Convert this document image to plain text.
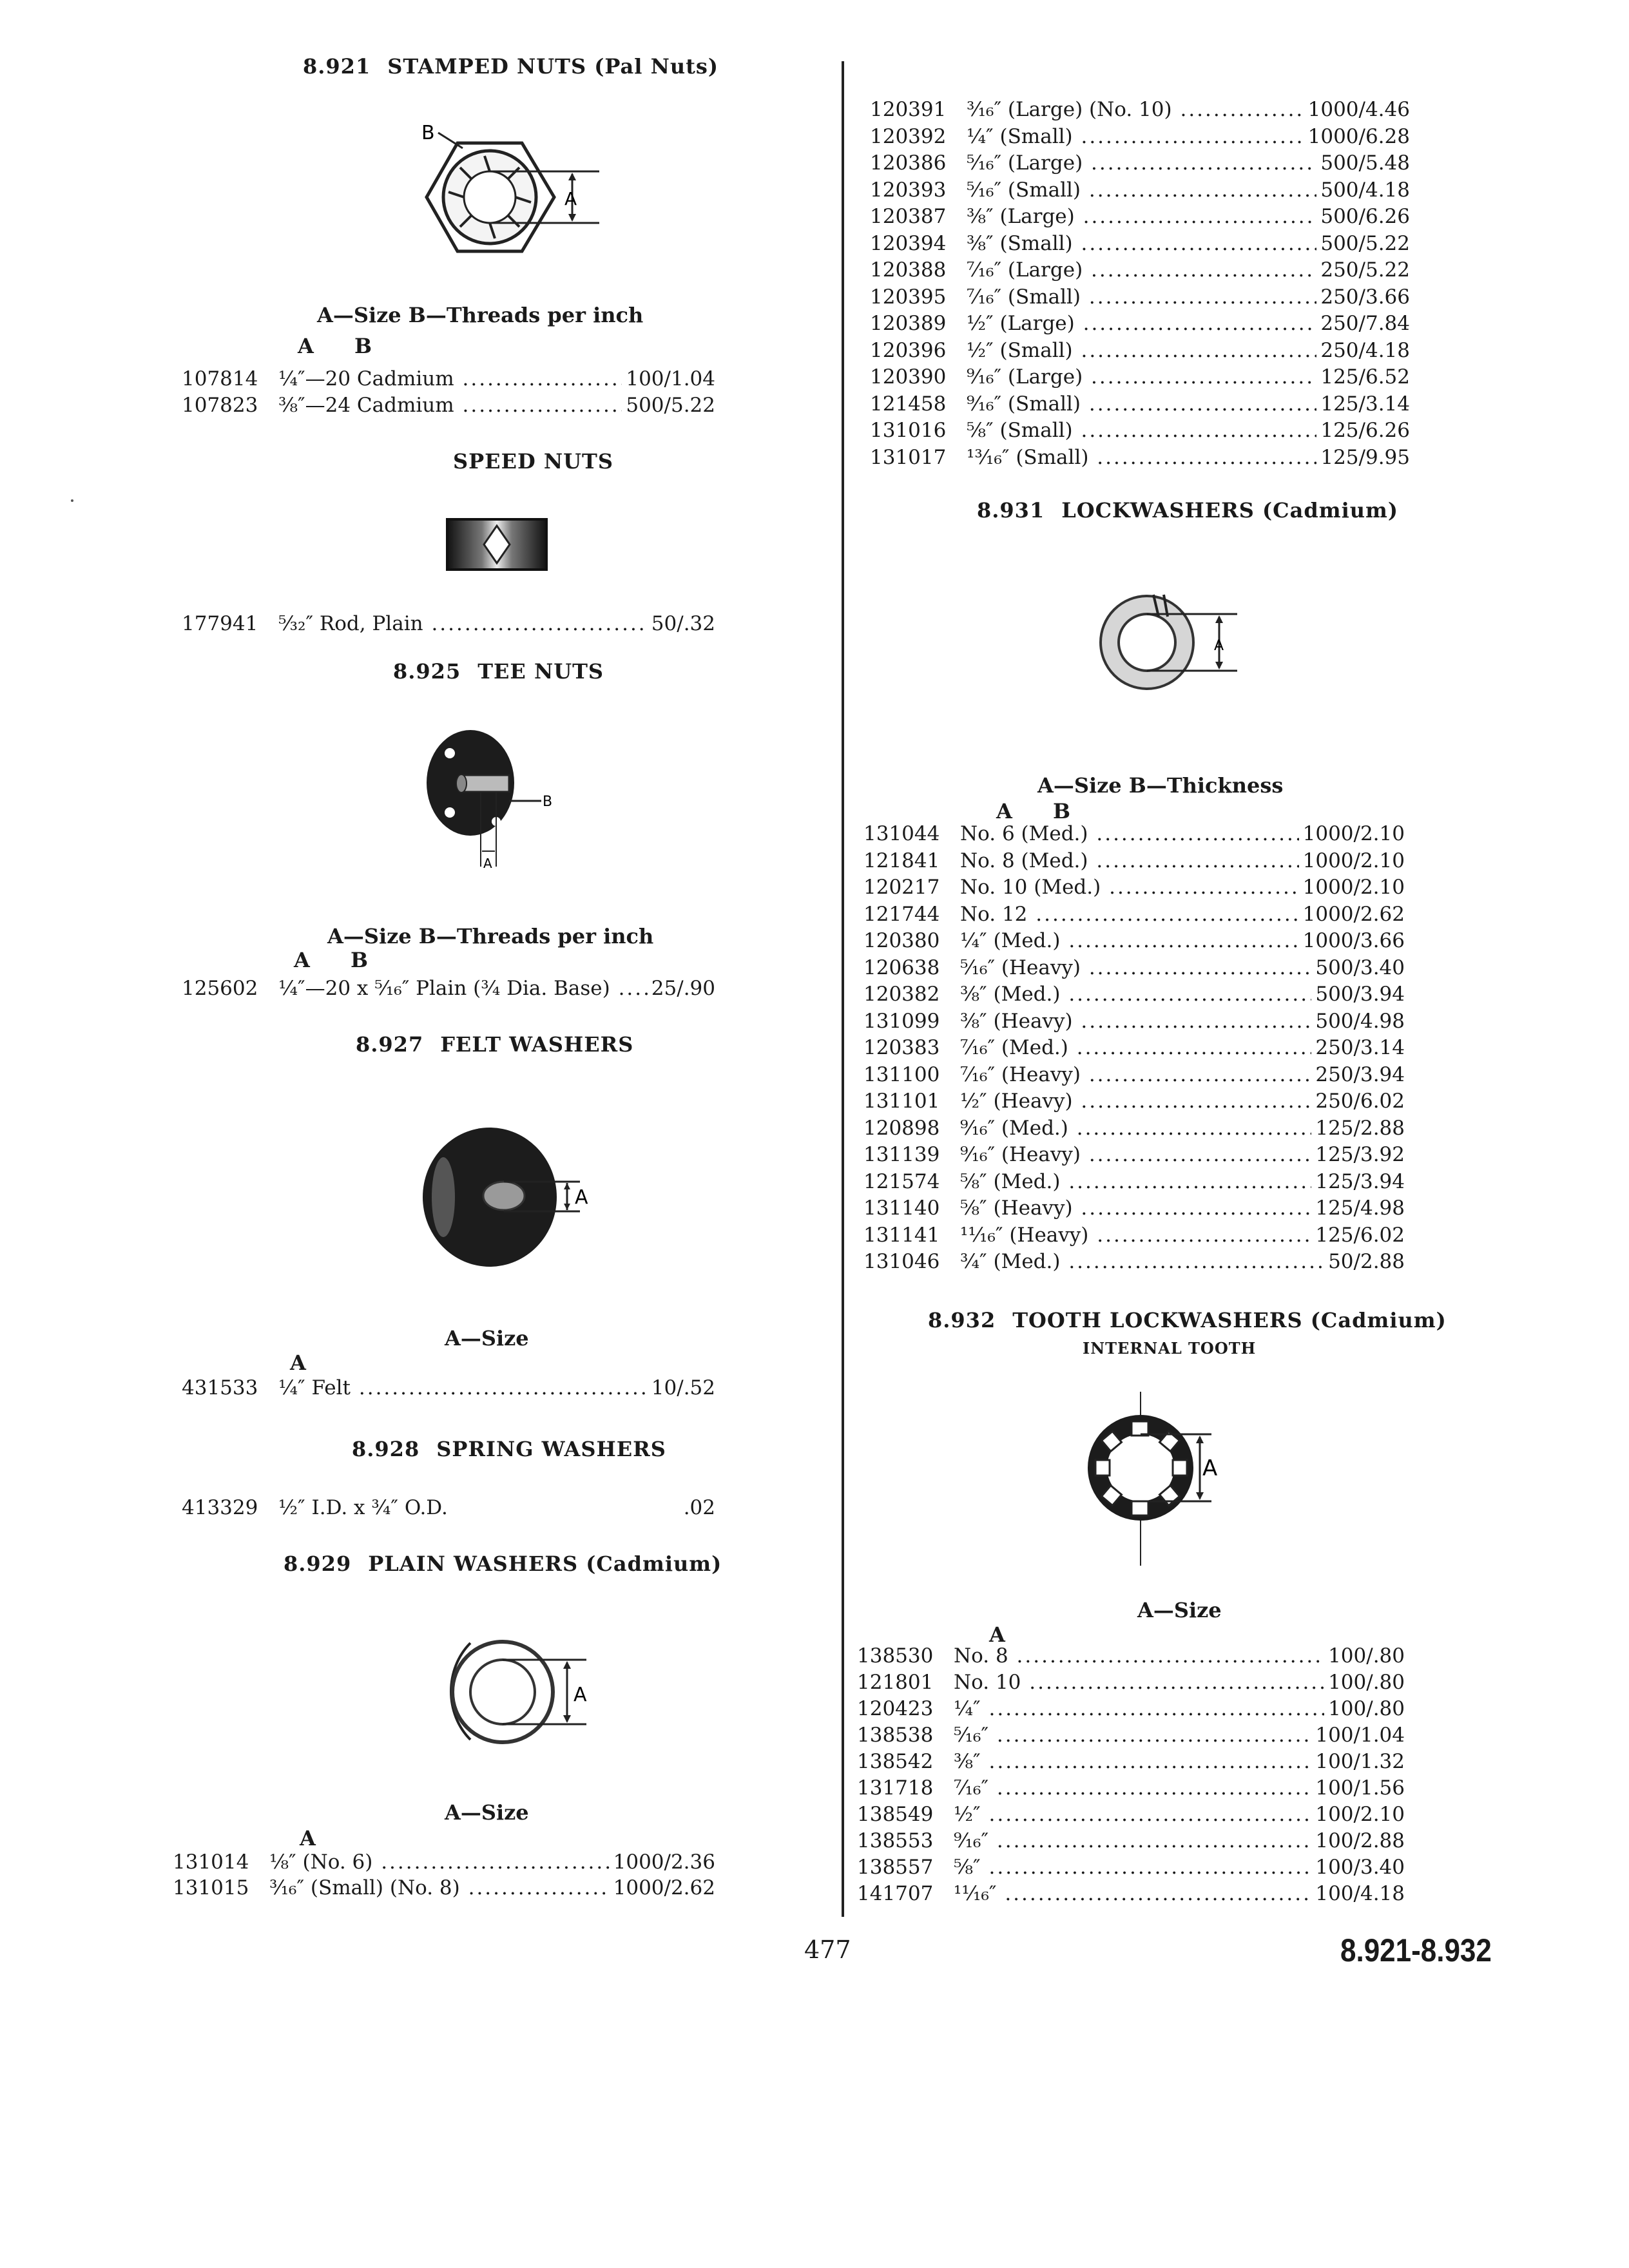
8.921 STAMPED NUTS (Pal Nuts)
B
A
A—Size B—Threads per inch
A B
107814	¼″—20 Cadmium .....	100/1.04
107823	⅜″—24 Cadmium .....	500/5.22
SPEED NUTS
177941	⁵⁄₃₂″ Rod, Plain .....	50/.32
8.925 TEE NUTS
B
A
A—Size B—Threads per inch
A B
125602	¼″—20 x ⁵⁄₁₆″ Plain (¾ Dia. Base) .....	25/.90
8.927 FELT WASHERS
A
A—Size
A
431533	¼″ Felt .....	10/.52
8.928 SPRING WASHERS
413329	½″ I.D. x ¾″ O.D.	.02
8.929 PLAIN WASHERS (Cadmium)
A
A—Size
A
131014	⅛″ (No. 6) .....	1000/2.36
131015	³⁄₁₆″ (Small) (No. 8) .....	1000/2.62
120391	³⁄₁₆″ (Large) (No. 10) .....	1000/4.46
120392	¼″ (Small) .....	1000/6.28
120386	⁵⁄₁₆″ (Large) .....	500/5.48
120393	⁵⁄₁₆″ (Small) .....	500/4.18
120387	⅜″ (Large) .....	500/6.26
120394	⅜″ (Small) .....	500/5.22
120388	⁷⁄₁₆″ (Large) .....	250/5.22
120395	⁷⁄₁₆″ (Small) .....	250/3.66
120389	½″ (Large) .....	250/7.84
120396	½″ (Small) .....	250/4.18
120390	⁹⁄₁₆″ (Large) .....	125/6.52
121458	⁹⁄₁₆″ (Small) .....	125/3.14
131016	⅝″ (Small) .....	125/6.26
131017	¹³⁄₁₆″ (Small) .....	125/9.95
8.931 LOCKWASHERS (Cadmium)
A
A—Size B—Thickness
A B
131044	No. 6 (Med.) .....	1000/2.10
121841	No. 8 (Med.) .....	1000/2.10
120217	No. 10 (Med.) .....	1000/2.10
121744	No. 12 .....	1000/2.62
120380	¼″ (Med.) .....	1000/3.66
120638	⁵⁄₁₆″ (Heavy) .....	500/3.40
120382	⅜″ (Med.) .....	500/3.94
131099	⅜″ (Heavy) .....	500/4.98
120383	⁷⁄₁₆″ (Med.) .....	250/3.14
131100	⁷⁄₁₆″ (Heavy) .....	250/3.94
131101	½″ (Heavy) .....	250/6.02
120898	⁹⁄₁₆″ (Med.) .....	125/2.88
131139	⁹⁄₁₆″ (Heavy) .....	125/3.92
121574	⅝″ (Med.) .....	125/3.94
131140	⅝″ (Heavy) .....	125/4.98
131141	¹¹⁄₁₆″ (Heavy) .....	125/6.02
131046	¾″ (Med.) .....	50/2.88
8.932 TOOTH LOCKWASHERS (Cadmium)
INTERNAL TOOTH
A
A—Size
A
138530	No. 8 .....	100/.80
121801	No. 10 .....	100/.80
120423	¼″ .....	100/.80
138538	⁵⁄₁₆″ .....	100/1.04
138542	⅜″ .....	100/1.32
131718	⁷⁄₁₆″ .....	100/1.56
138549	½″ .....	100/2.10
138553	⁹⁄₁₆″ .....	100/2.88
138557	⅝″ .....	100/3.40
141707	¹¹⁄₁₆″ .....	100/4.18
477	8.921-8.932
